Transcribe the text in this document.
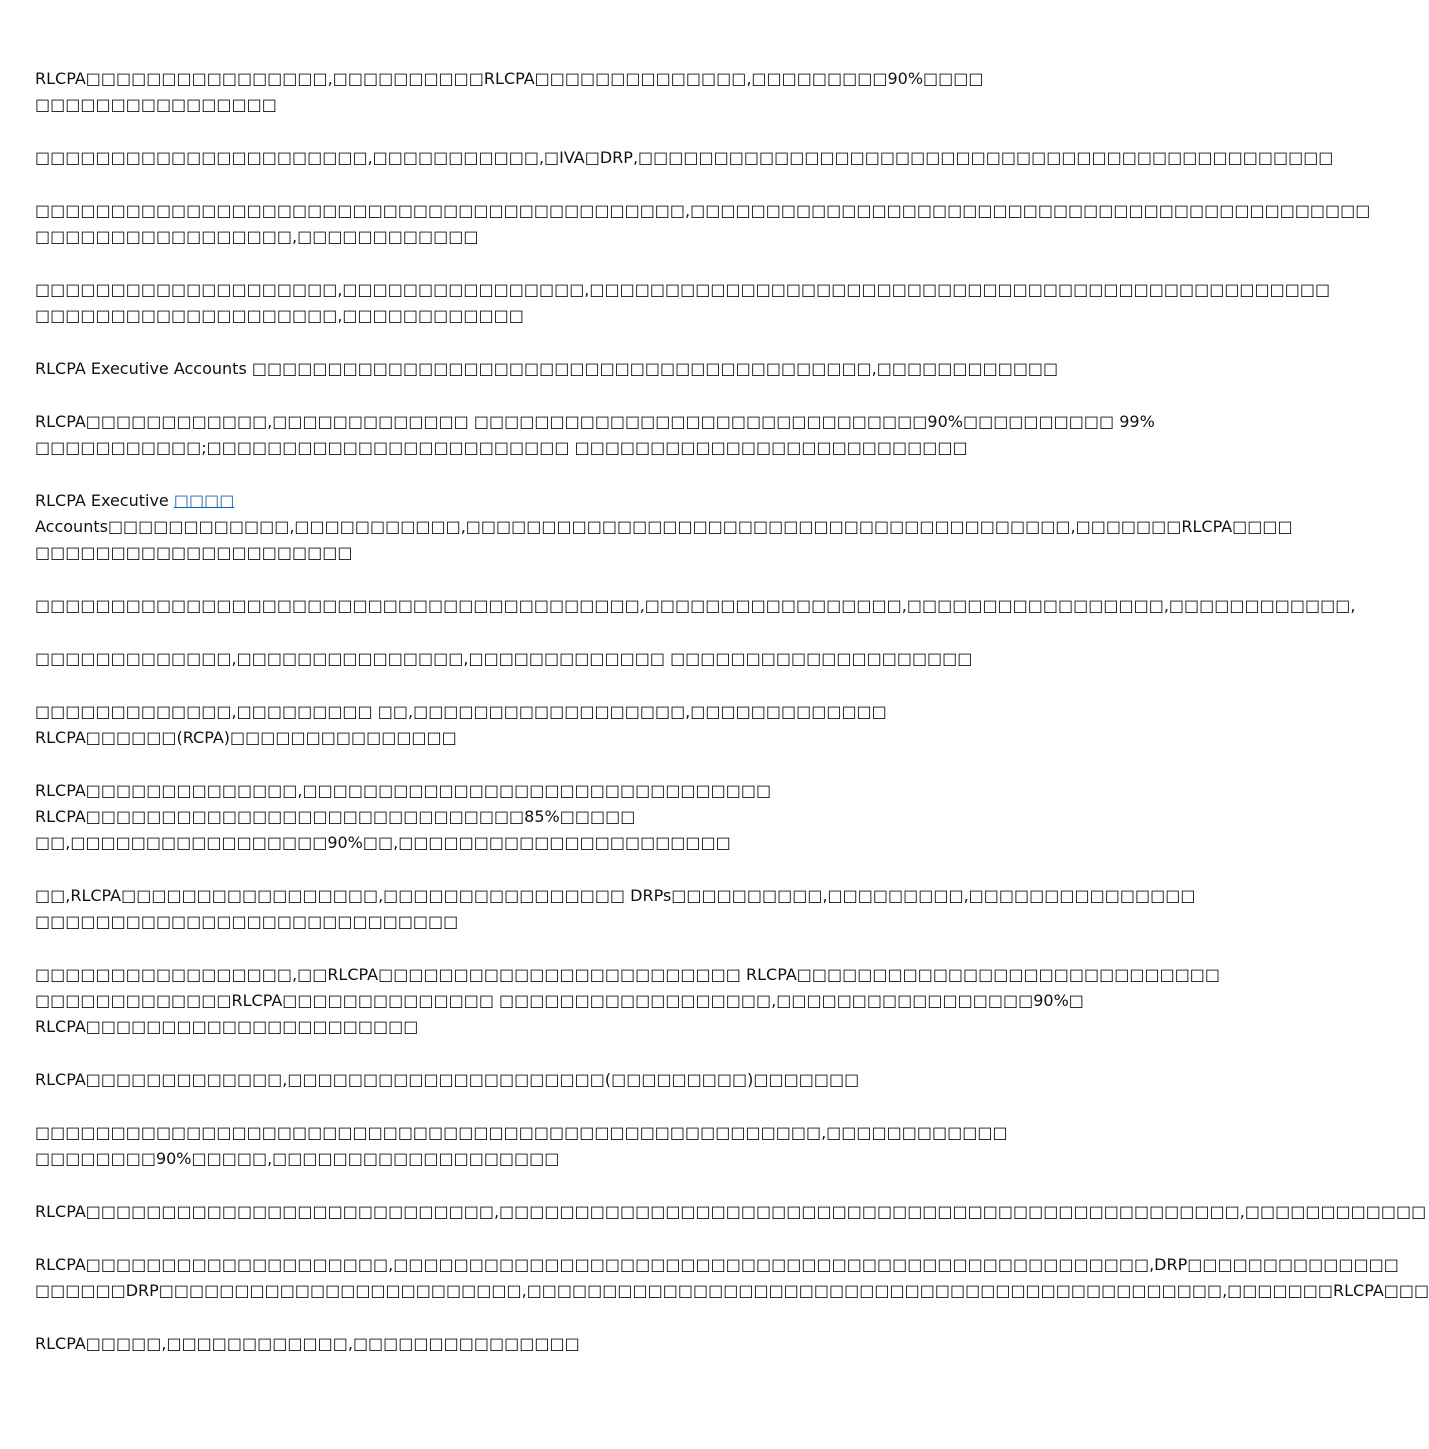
RLCPA□□□□□□□□□□□□□□□□,□□□□□□□□□□RLCPA□□□□□□□□□□□□□□,□□□□□□□□□90%□□□□
□□□□□□□□□□□□□□□□
□□□□□□□□□□□□□□□□□□□□□□,□□□□□□□□□□□,□IVA□DRP,□□□□□□□□□□□□□□□□□□□□□□□□□□□□□□□□□□□□□□□□□□□□□□
□□□□□□□□□□□□□□□□□□□□□□□□□□□□□□□□□□□□□□□□□□□,□□□□□□□□□□□□□□□□□□□□□□□□□□□□□□□□□□□□□□□□□□□□□
□□□□□□□□□□□□□□□□□,□□□□□□□□□□□□
□□□□□□□□□□□□□□□□□□□□,□□□□□□□□□□□□□□□□,□□□□□□□□□□□□□□□□□□□□□□□□□□□□□□□□□□□□□□□□□□□□□□□□□
□□□□□□□□□□□□□□□□□□□□,□□□□□□□□□□□□
RLCPA Executive Accounts □□□□□□□□□□□□□□□□□□□□□□□□□□□□□□□□□□□□□□□□□,□□□□□□□□□□□□
RLCPA□□□□□□□□□□□□,□□□□□□□□□□□□□ □□□□□□□□□□□□□□□□□□□□□□□□□□□□□□90%□□□□□□□□□□ 99%
□□□□□□□□□□□;□□□□□□□□□□□□□□□□□□□□□□□□ □□□□□□□□□□□□□□□□□□□□□□□□□□
RLCPA Executive □□□□
Accounts□□□□□□□□□□□□,□□□□□□□□□□□,□□□□□□□□□□□□□□□□□□□□□□□□□□□□□□□□□□□□□□□□,□□□□□□□RLCPA□□□□
□□□□□□□□□□□□□□□□□□□□□
□□□□□□□□□□□□□□□□□□□□□□□□□□□□□□□□□□□□□□□□,□□□□□□□□□□□□□□□□□,□□□□□□□□□□□□□□□□□,□□□□□□□□□□□□,
□□□□□□□□□□□□□,□□□□□□□□□□□□□□□,□□□□□□□□□□□□□ □□□□□□□□□□□□□□□□□□□□
□□□□□□□□□□□□□,□□□□□□□□□ □□,□□□□□□□□□□□□□□□□□□,□□□□□□□□□□□□□
RLCPA□□□□□□(RCPA)□□□□□□□□□□□□□□□
RLCPA□□□□□□□□□□□□□□,□□□□□□□□□□□□□□□□□□□□□□□□□□□□□□□
RLCPA□□□□□□□□□□□□□□□□□□□□□□□□□□□□□85%□□□□□
□□,□□□□□□□□□□□□□□□□□90%□□,□□□□□□□□□□□□□□□□□□□□□□
□□,RLCPA□□□□□□□□□□□□□□□□□,□□□□□□□□□□□□□□□□ DRPs□□□□□□□□□□,□□□□□□□□□,□□□□□□□□□□□□□□□
□□□□□□□□□□□□□□□□□□□□□□□□□□□□
□□□□□□□□□□□□□□□□□,□□RLCPA□□□□□□□□□□□□□□□□□□□□□□□□ RLCPA□□□□□□□□□□□□□□□□□□□□□□□□□□□□
□□□□□□□□□□□□□RLCPA□□□□□□□□□□□□□□ □□□□□□□□□□□□□□□□□□,□□□□□□□□□□□□□□□□□90%□
RLCPA□□□□□□□□□□□□□□□□□□□□□□
RLCPA□□□□□□□□□□□□□,□□□□□□□□□□□□□□□□□□□□□(□□□□□□□□□)□□□□□□□
□□□□□□□□□□□□□□□□□□□□□□□□□□□□□□□□□□□□□□□□□□□□□□□□□□□□,□□□□□□□□□□□□
□□□□□□□□90%□□□□□,□□□□□□□□□□□□□□□□□□□
RLCPA□□□□□□□□□□□□□□□□□□□□□□□□□□□,□□□□□□□□□□□□□□□□□□□□□□□□□□□□□□□□□□□□□□□□□□□□□□□□□,□□□□□□□□□□□□
RLCPA□□□□□□□□□□□□□□□□□□□□,□□□□□□□□□□□□□□□□□□□□□□□□□□□□□□□□□□□□□□□□□□□□□□□□□□,DRP□□□□□□□□□□□□□□
□□□□□□DRP□□□□□□□□□□□□□□□□□□□□□□□□,□□□□□□□□□□□□□□□□□□□□□□□□□□□□□□□□□□□□□□□□□□□□□□,□□□□□□□RLCPA□□□
RLCPA□□□□□,□□□□□□□□□□□□,□□□□□□□□□□□□□□□
